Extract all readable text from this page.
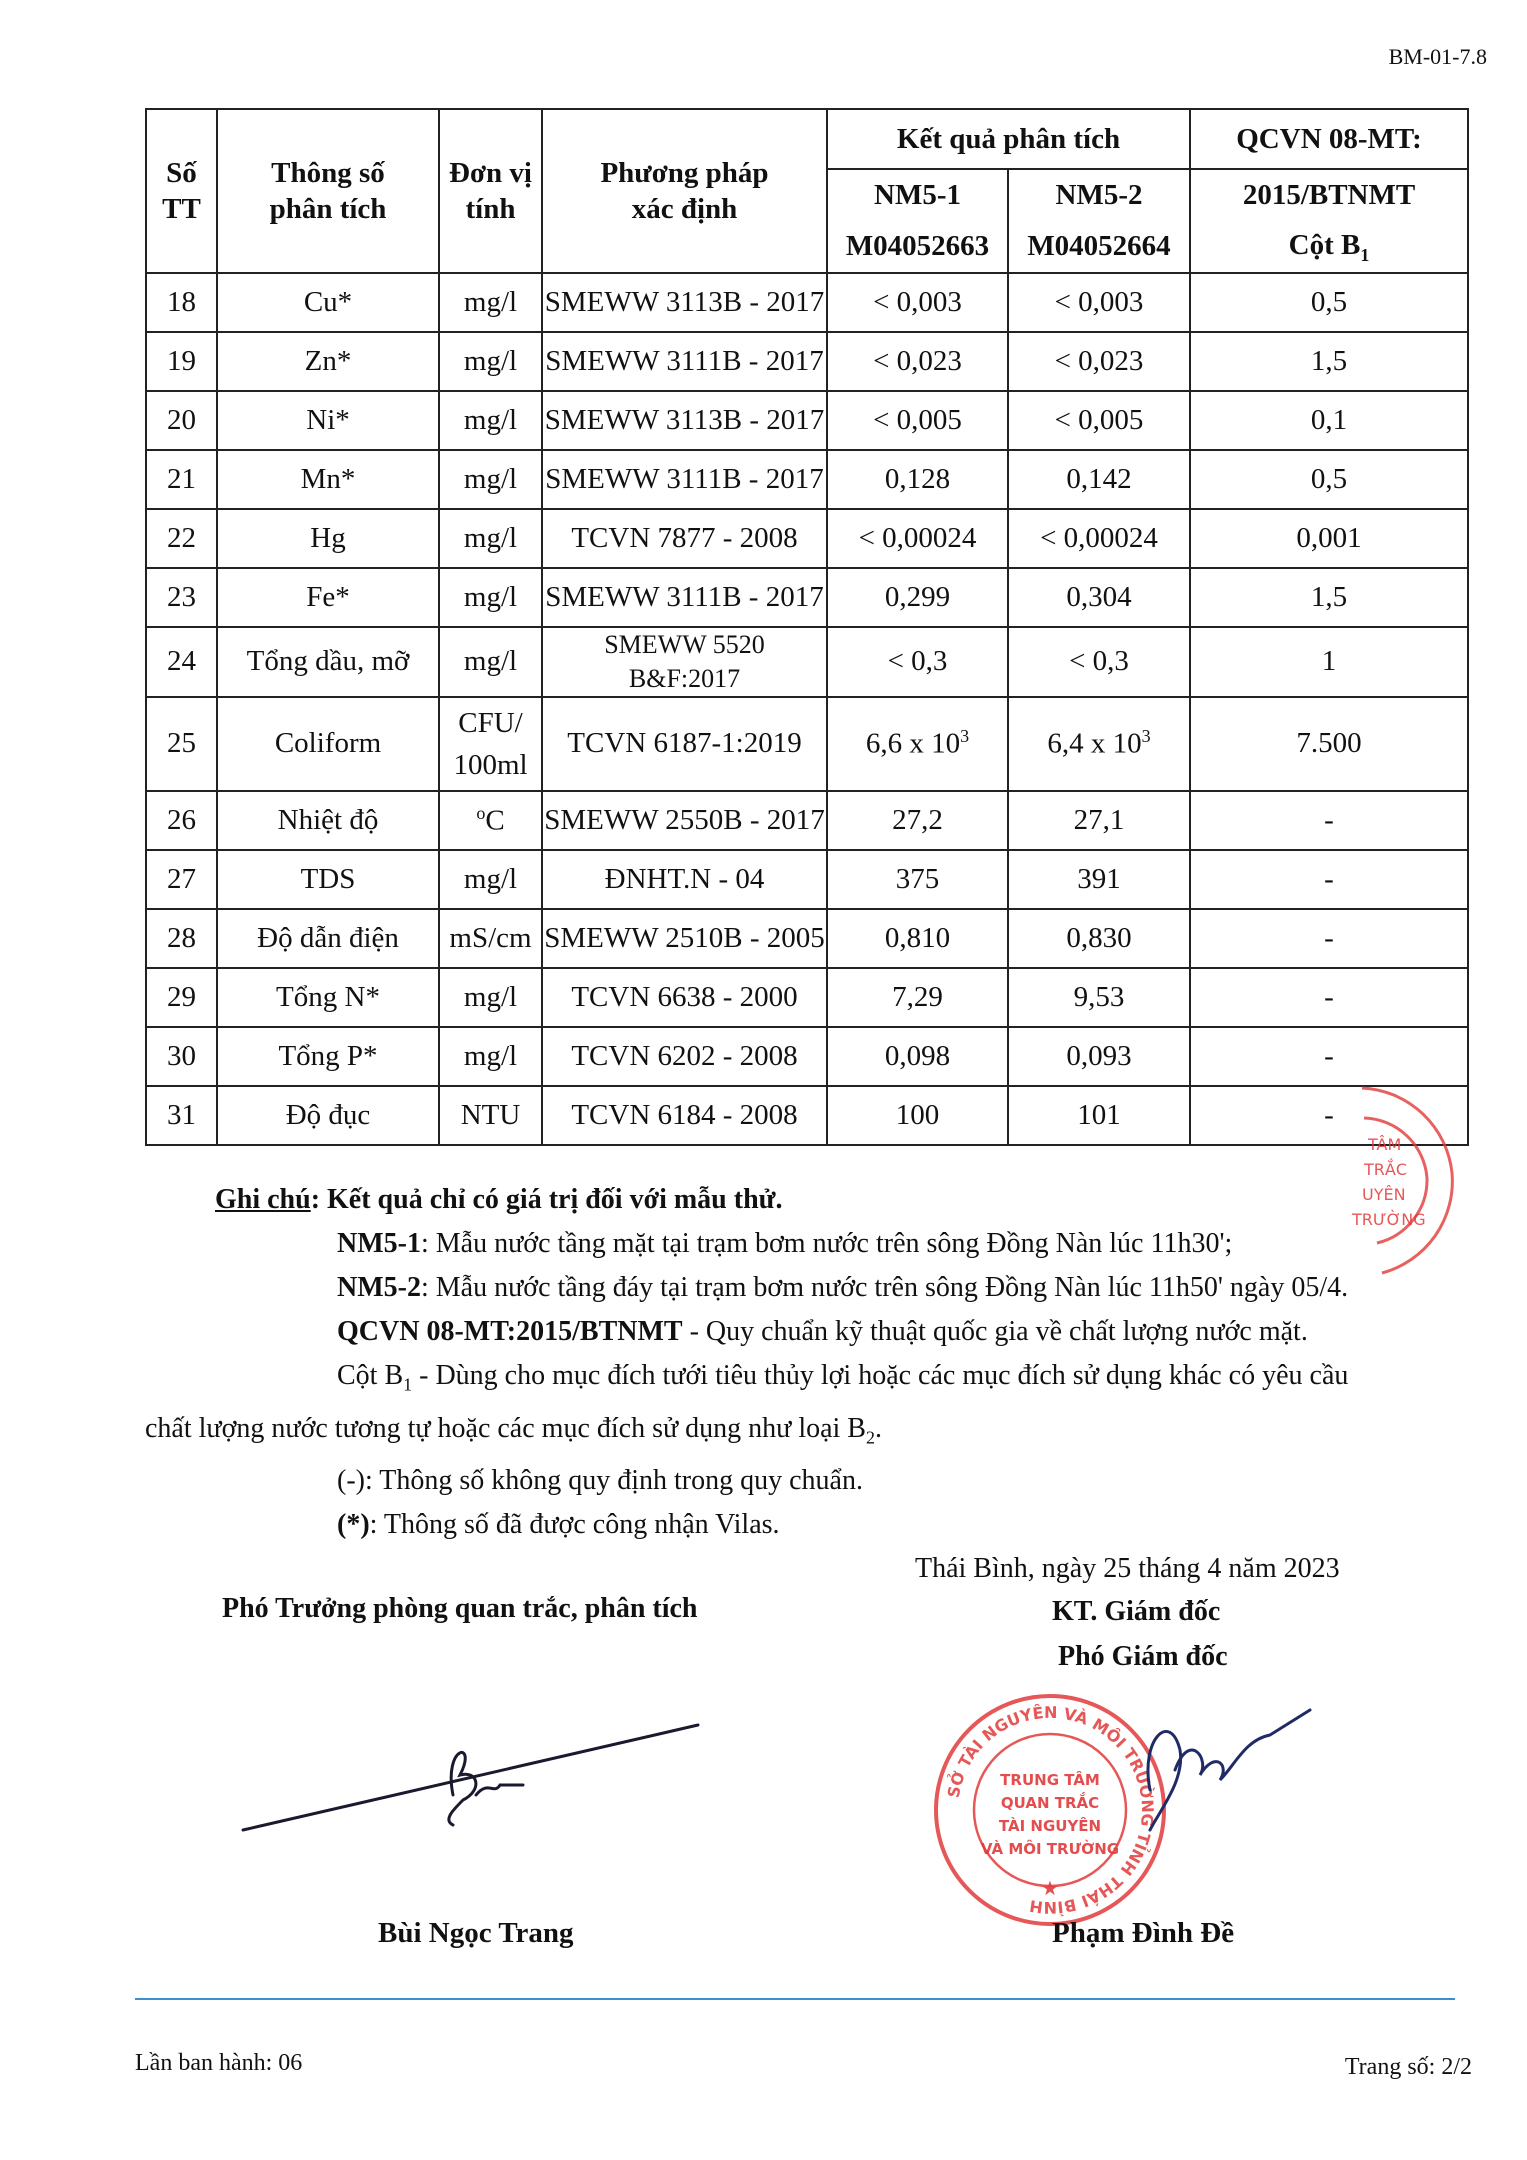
BM-01-7.8
Số TT	Thông số phân tích	Đơn vị tính	Phương pháp xác định	Kết quả phân tích		QCVN 08-MT:
				NM5-1	NM5-2	2015/BTNMT
				M04052663	M04052664	Cột $B_1$
18	Cu*	mg/l	SMEWW 3113B - 2017	< 0,003	< 0,003	0,5
19	Zn*	mg/l	SMEWW 3111B - 2017	< 0,023	< 0,023	1,5
20	Ni*	mg/l	SMEWW 3113B - 2017	< 0,005	< 0,005	0,1
21	Mn*	mg/l	SMEWW 3111B - 2017	0,128	0,142	0,5
22	Hg	mg/l	TCVN 7877 - 2008	< 0,00024	< 0,00024	0,001
23	Fe*	mg/l	SMEWW 3111B - 2017	0,299	0,304	1,5
24	Tổng dầu, mỡ	mg/l	SMEWW 5520
B&F:2017	< 0,3	< 0,3	1
25	Coliform	CFU/
100ml	TCVN 6187-1:2019	6,6 x $10^3$	6,4 x $10^3$	7.500
26	Nhiệt độ	$^o$C	SMEWW 2550B - 2017	27,2	27,1	-
27	TDS	mg/l	ĐNHT.N - 04	375	391	-
28	Độ dẫn điện	mS/cm	SMEWW 2510B - 2005	0,810	0,830	-
29	Tổng N*	mg/l	TCVN 6638 - 2000	7,29	9,53	-
30	Tổng P*	mg/l	TCVN 6202 - 2008	0,098	0,093	-
31	Độ đục	NTU	TCVN 6184 - 2008	100	101	-
TÂM
TRẮC
UYÊN
TRƯỜNG
Ghi chú: Kết quả chỉ có giá trị đối với mẫu thử.
NM5-1: Mẫu nước tầng mặt tại trạm bơm nước trên sông Đồng Nàn lúc 11h30';
NM5-2: Mẫu nước tầng đáy tại trạm bơm nước trên sông Đồng Nàn lúc 11h50' ngày 05/4.
QCVN 08-MT:2015/BTNMT - Quy chuẩn kỹ thuật quốc gia về chất lượng nước mặt.
Cột $B_1$ - Dùng cho mục đích tưới tiêu thủy lợi hoặc các mục đích sử dụng khác có yêu cầu
chất lượng nước tương tự hoặc các mục đích sử dụng như loại $B_2$.
(-): Thông số không quy định trong quy chuẩn.
(*): Thông số đã được công nhận Vilas.
Thái Bình, ngày 25 tháng 4 năm 2023
Phó Trưởng phòng quan trắc, phân tích	KT. Giám đốc
Phó Giám đốc
SỞ TÀI NGUYÊN VÀ MÔI TRƯỜNG TỈNH THÁI BÌNH
TRUNG TÂM
QUAN TRẮC
TÀI NGUYÊN
VÀ MÔI TRƯỜNG
★
Bùi Ngọc Trang	Phạm Đình Đề
Lần ban hành: 06	Trang số: 2/2
